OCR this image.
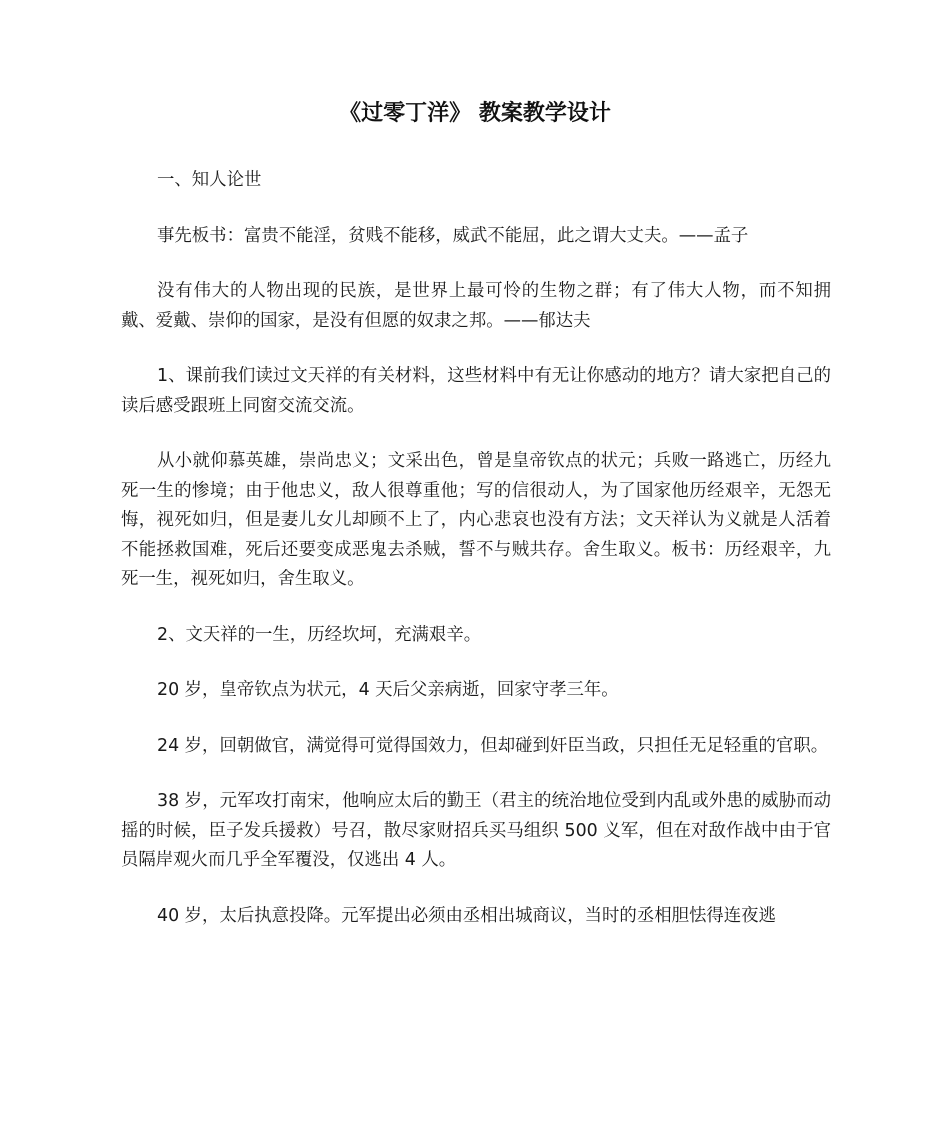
《过零丁洋》 教案教学设计

一、知人论世

事先板书：富贵不能淫，贫贱不能移，威武不能屈，此之谓大丈夫。——孟子

没有伟大的人物出现的民族，是世界上最可怜的生物之群；有了伟大人物，而不知拥戴、爱戴、崇仰的国家，是没有但愿的奴隶之邦。——郁达夫

1、课前我们读过文天祥的有关材料，这些材料中有无让你感动的地方？请大家把自己的读后感受跟班上同窗交流交流。

从小就仰慕英雄，崇尚忠义；文采出色，曾是皇帝钦点的状元；兵败一路逃亡，历经九死一生的惨境；由于他忠义，敌人很尊重他；写的信很动人，为了国家他历经艰辛，无怨无悔，视死如归，但是妻儿女儿却顾不上了，内心悲哀也没有方法；文天祥认为义就是人活着不能拯救国难，死后还要变成恶鬼去杀贼，誓不与贼共存。舍生取义。板书：历经艰辛，九死一生，视死如归，舍生取义。

2、文天祥的一生，历经坎坷，充满艰辛。

20 岁，皇帝钦点为状元，4 天后父亲病逝，回家守孝三年。

24 岁，回朝做官，满觉得可觉得国效力，但却碰到奸臣当政，只担任无足轻重的官职。

38 岁，元军攻打南宋，他响应太后的勤王（君主的统治地位受到内乱或外患的威胁而动摇的时候，臣子发兵援救）号召，散尽家财招兵买马组织 500 义军，但在对敌作战中由于官员隔岸观火而几乎全军覆没，仅逃出 4 人。

40 岁，太后执意投降。元军提出必须由丞相出城商议，当时的丞相胆怯得连夜逃
